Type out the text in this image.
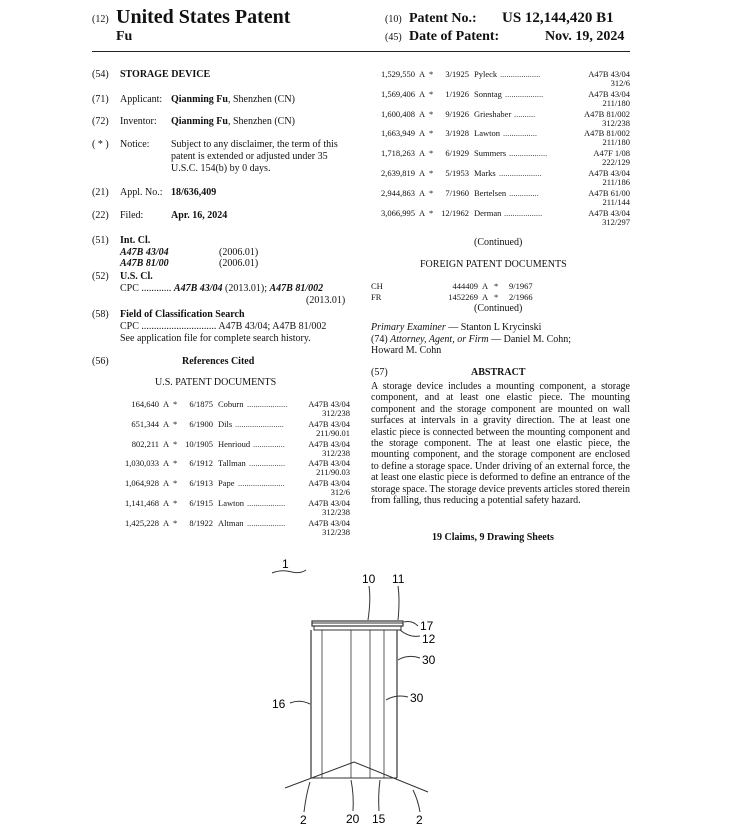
(12) United States Patent
Fu
(10) Patent No.: US 12,144,420 B1
(45) Date of Patent:	Nov. 19, 2024
(54) STORAGE DEVICE
(71) Applicant: Qianming Fu, Shenzhen (CN)
(72) Inventor: Qianming Fu, Shenzhen (CN)
( * ) Notice: Subject to any disclaimer, the term of this
patent is extended or adjusted under 35
U.S.C. 154(b) by 0 days.
(21) Appl. No.: 18/636,409
(22) Filed:	Apr. 16, 2024
(51) Int. Cl.
A47B 43/04	(2006.01)
A47B 81/00	(2006.01)
(52) U.S. Cl.
CPC ............ A47B 43/04 (2013.01); A47B 81/002
(2013.01)
(58) Field of Classification Search
CPC .............................. A47B 43/04; A47B 81/002
See application file for complete search history.
(56)	References Cited
U.S. PATENT DOCUMENTS
164,640 A *	6/1875 Coburn ...................	A47B 43/04
312/238
651,344 A *	6/1900 Dils .......................	A47B 43/04
211/90.01
802,211 A * 10/1905 Henrioud ...............	A47B 43/04
312/238
1,030,033 A *	6/1912 Tallman .................	A47B 43/04
211/90.03
1,064,928 A *	6/1913 Pape ......................	A47B 43/04
312/6
1,141,468 A *	6/1915 Lawton ..................	A47B 43/04
312/238
1,425,228 A *	8/1922 Altman ..................	A47B 43/04
312/238
1,529,550 A *	3/1925 Pyleck ...................	A47B 43/04
312/6
1,569,406 A *	1/1926 Sonntag ..................	A47B 43/04
211/180
1,600,408 A *	9/1926 Grieshaber ..........	A47B 81/002
312/238
1,663,949 A *	3/1928 Lawton ................	A47B 81/002
211/180
1,718,263 A *	6/1929 Summers ..................	A47F 1/08
222/129
2,639,819 A *	5/1953 Marks ....................	A47B 43/04
211/186
2,944,863 A *	7/1960 Bertelsen ..............	A47B 61/00
211/144
3,066,995 A * 12/1962 Derman ..................	A47B 43/04
312/297
(Continued)
FOREIGN PATENT DOCUMENTS
CH	444409 A * 9/1967
FR	1452269 A * 2/1966
(Continued)
Primary Examiner — Stanton L Krycinski
(74) Attorney, Agent, or Firm — Daniel M. Cohn;
Howard M. Cohn
(57)	ABSTRACT
A storage device includes a mounting component, a storage component, and at least one elastic piece. The mounting component and the storage component are mounted on wall surfaces at intervals in a gravity direction. The at least one elastic piece is connected between the mounting component and the storage component. The at least one elastic piece, the mounting component, and the storage component are enclosed to define a storage space. Under driving of an external force, the at least one elastic piece is deformed to define an entrance of the storage space. The storage device prevents articles stored therein from falling, thus reducing a potential safety hazard.
19 Claims, 9 Drawing Sheets
1
10 11
17
12
30
30
16
2	20 15	2
